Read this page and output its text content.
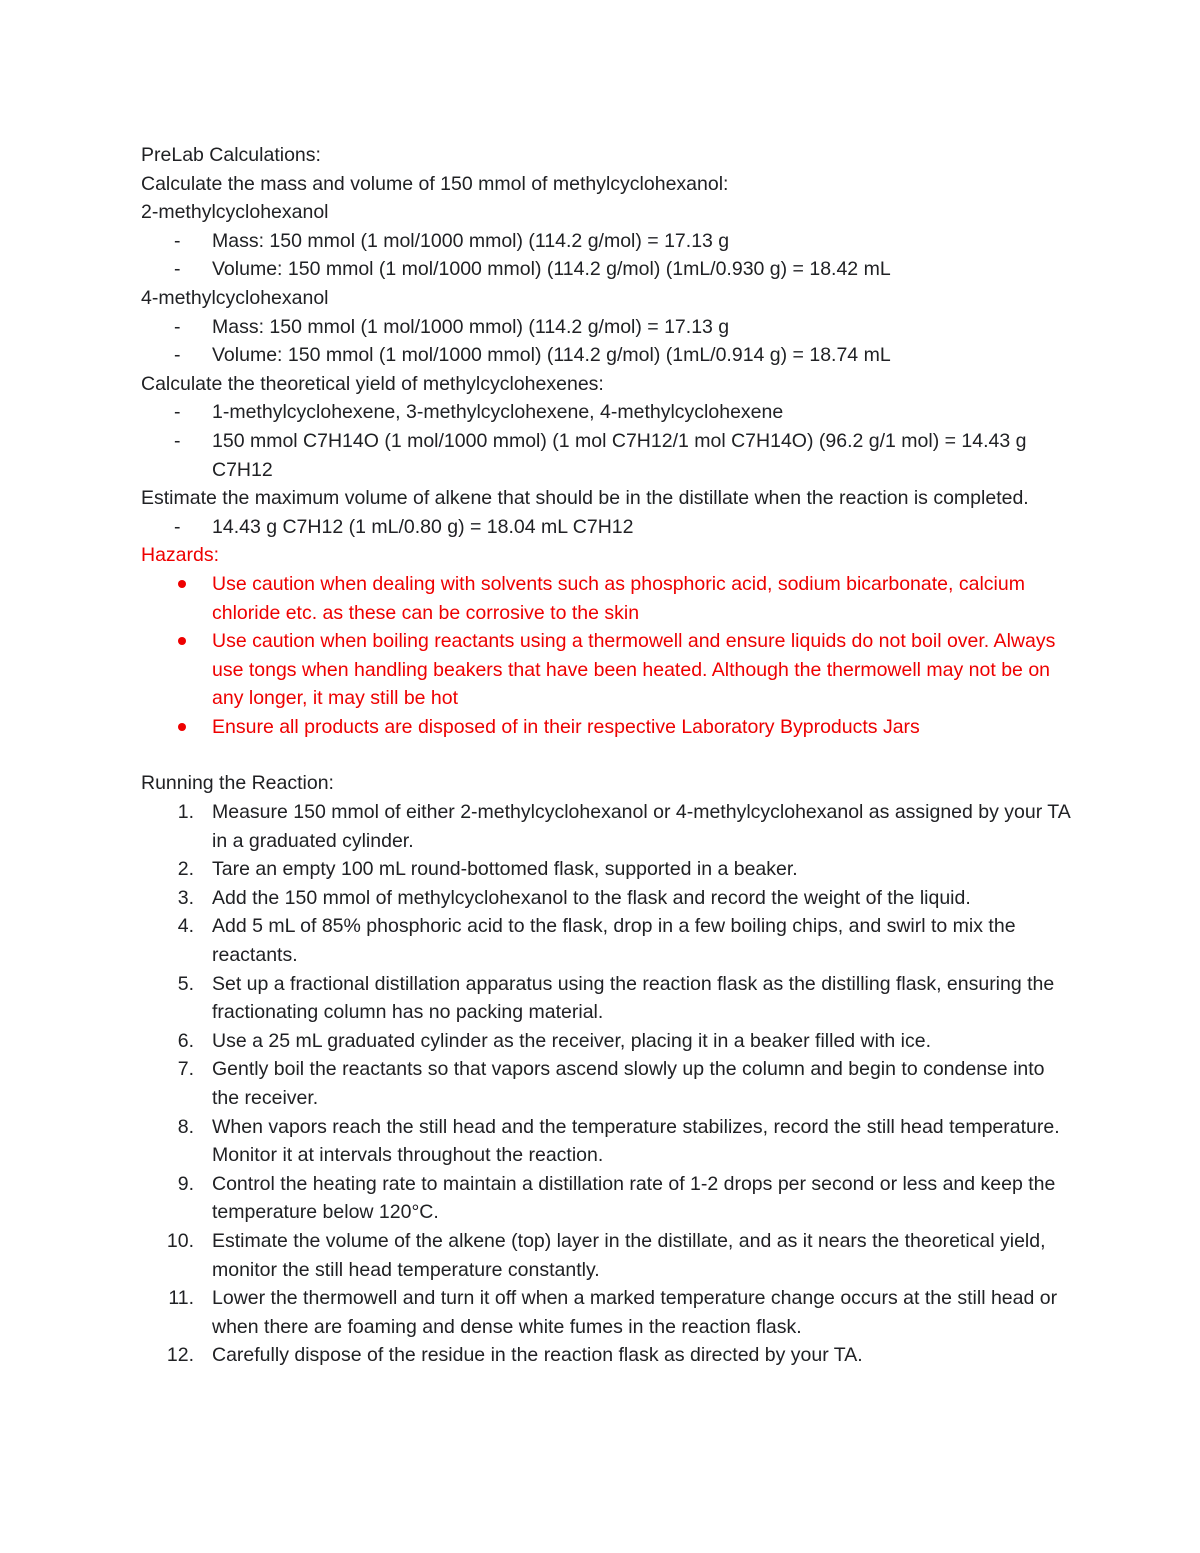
PreLab Calculations:

Calculate the mass and volume of 150 mmol of methylcyclohexanol:

2-methylcyclohexanol

-	Mass: 150 mmol (1 mol/1000 mmol) (114.2 g/mol) = 17.13 g
-	Volume: 150 mmol (1 mol/1000 mmol) (114.2 g/mol) (1mL/0.930 g) = 18.42 mL

4-methylcyclohexanol

-	Mass: 150 mmol (1 mol/1000 mmol) (114.2 g/mol) = 17.13 g
-	Volume: 150 mmol (1 mol/1000 mmol) (114.2 g/mol) (1mL/0.914 g) = 18.74 mL

Calculate the theoretical yield of methylcyclohexenes:

-	1-methylcyclohexene, 3-methylcyclohexene, 4-methylcyclohexene
-	150 mmol C7H14O (1 mol/1000 mmol) (1 mol C7H12/1 mol C7H14O) (96.2 g/1 mol) = 14.43 g C7H12

Estimate the maximum volume of alkene that should be in the distillate when the reaction is completed.

-	14.43 g C7H12 (1 mL/0.80 g) = 18.04 mL C7H12

Hazards:

Use caution when dealing with solvents such as phosphoric acid, sodium bicarbonate, calcium chloride etc. as these can be corrosive to the skin
Use caution when boiling reactants using a thermowell and ensure liquids do not boil over. Always use tongs when handling beakers that have been heated. Although the thermowell may not be on any longer, it may still be hot
Ensure all products are disposed of in their respective Laboratory Byproducts Jars

Running the Reaction:

1. Measure 150 mmol of either 2-methylcyclohexanol or 4-methylcyclohexanol as assigned by your TA in a graduated cylinder.
2. Tare an empty 100 mL round-bottomed flask, supported in a beaker.
3. Add the 150 mmol of methylcyclohexanol to the flask and record the weight of the liquid.
4. Add 5 mL of 85% phosphoric acid to the flask, drop in a few boiling chips, and swirl to mix the reactants.
5. Set up a fractional distillation apparatus using the reaction flask as the distilling flask, ensuring the fractionating column has no packing material.
6. Use a 25 mL graduated cylinder as the receiver, placing it in a beaker filled with ice.
7. Gently boil the reactants so that vapors ascend slowly up the column and begin to condense into the receiver.
8. When vapors reach the still head and the temperature stabilizes, record the still head temperature. Monitor it at intervals throughout the reaction.
9. Control the heating rate to maintain a distillation rate of 1-2 drops per second or less and keep the temperature below 120°C.
10. Estimate the volume of the alkene (top) layer in the distillate, and as it nears the theoretical yield, monitor the still head temperature constantly.
11. Lower the thermowell and turn it off when a marked temperature change occurs at the still head or when there are foaming and dense white fumes in the reaction flask.
12. Carefully dispose of the residue in the reaction flask as directed by your TA.
